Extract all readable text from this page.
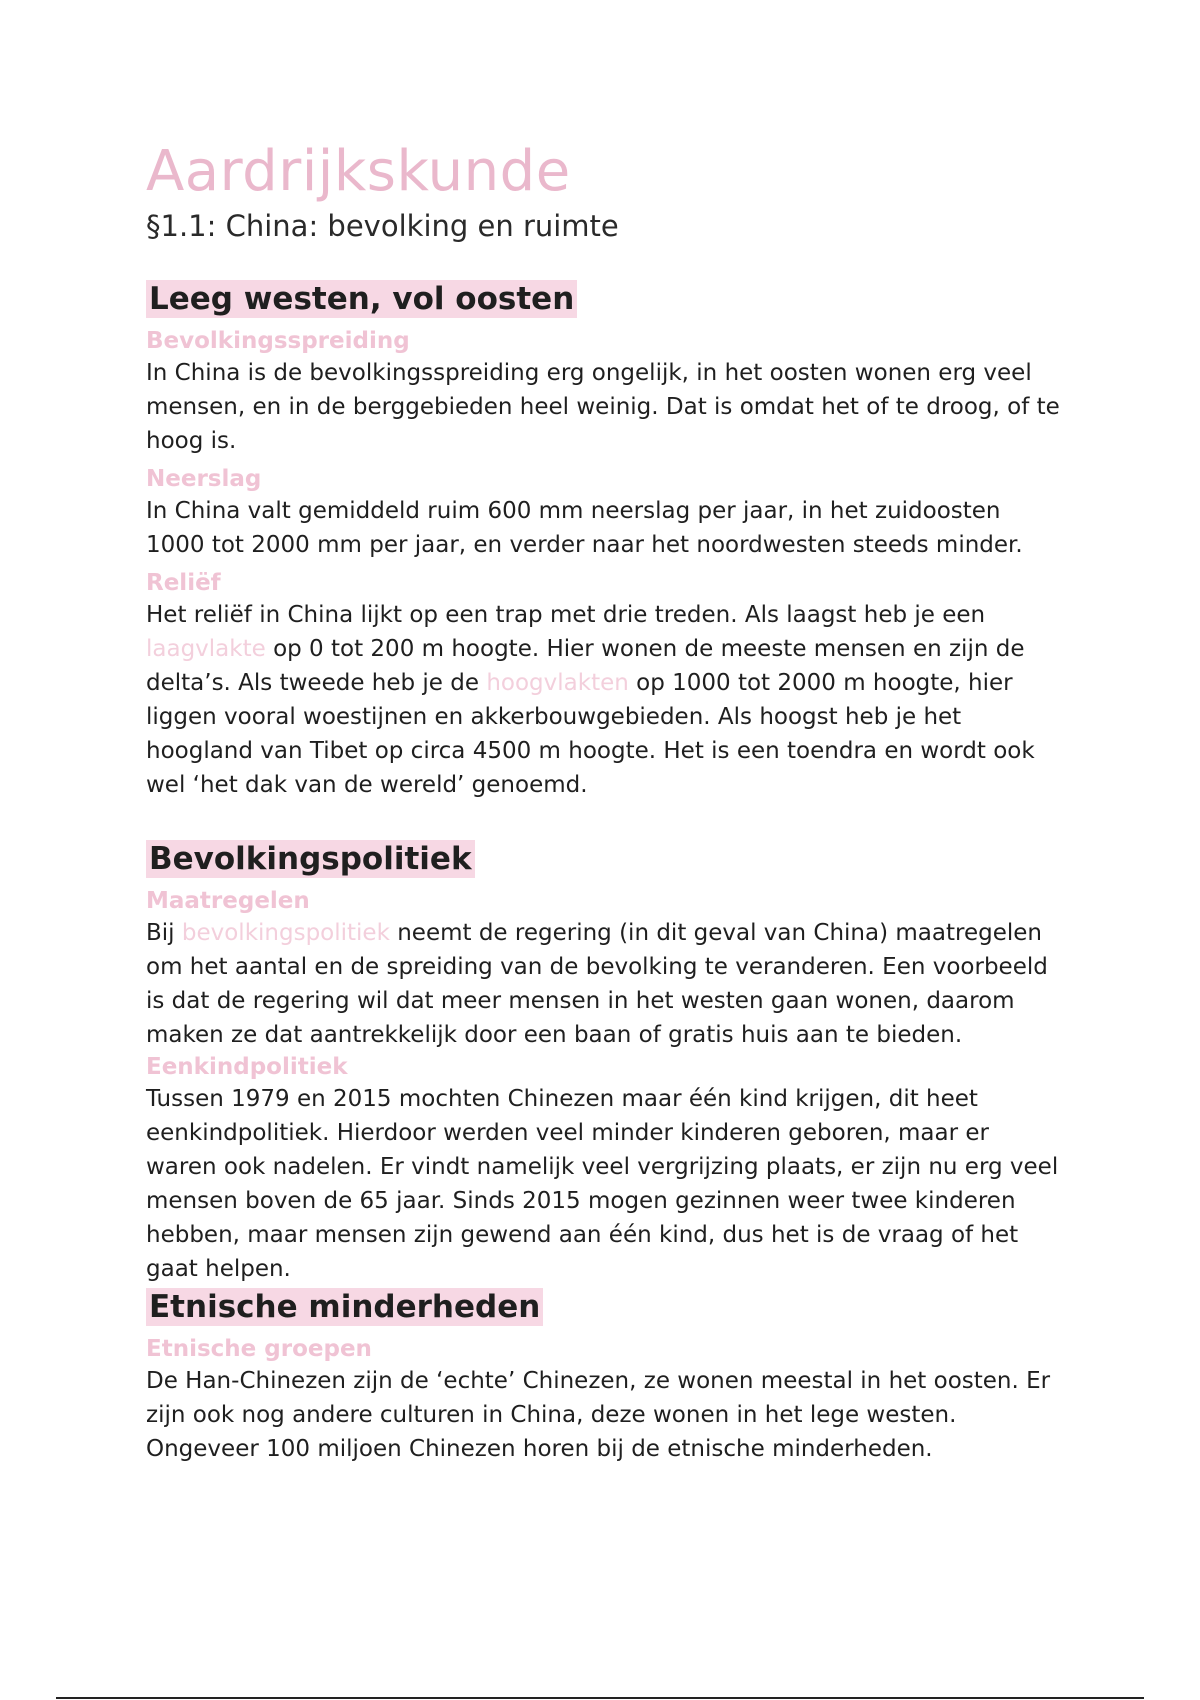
Aardrijkskunde
§1.1: China: bevolking en ruimte
Leeg westen, vol oosten
Bevolkingsspreiding

In China is de bevolkingsspreiding erg ongelijk, in het oosten wonen erg veel mensen, en in de berggebieden heel weinig. Dat is omdat het of te droog, of te hoog is.

Neerslag

In China valt gemiddeld ruim 600 mm neerslag per jaar, in het zuidoosten 1000 tot 2000 mm per jaar, en verder naar het noordwesten steeds minder.

Reliëf

Het reliëf in China lijkt op een trap met drie treden. Als laagst heb je een laagvlakte op 0 tot 200 m hoogte. Hier wonen de meeste mensen en zijn de delta’s. Als tweede heb je de hoogvlakten op 1000 tot 2000 m hoogte, hier liggen vooral woestijnen en akkerbouwgebieden. Als hoogst heb je het hoogland van Tibet op circa 4500 m hoogte. Het is een toendra en wordt ook wel ‘het dak van de wereld’ genoemd.

Bevolkingspolitiek
Maatregelen

Bij bevolkingspolitiek neemt de regering (in dit geval van China) maatregelen om het aantal en de spreiding van de bevolking te veranderen. Een voorbeeld is dat de regering wil dat meer mensen in het westen gaan wonen, daarom maken ze dat aantrekkelijk door een baan of gratis huis aan te bieden.

Eenkindpolitiek

Tussen 1979 en 2015 mochten Chinezen maar één kind krijgen, dit heet eenkindpolitiek. Hierdoor werden veel minder kinderen geboren, maar er waren ook nadelen. Er vindt namelijk veel vergrijzing plaats, er zijn nu erg veel mensen boven de 65 jaar. Sinds 2015 mogen gezinnen weer twee kinderen hebben, maar mensen zijn gewend aan één kind, dus het is de vraag of het gaat helpen.

Etnische minderheden
Etnische groepen

De Han-Chinezen zijn de ‘echte’ Chinezen, ze wonen meestal in het oosten. Er zijn ook nog andere culturen in China, deze wonen in het lege westen. Ongeveer 100 miljoen Chinezen horen bij de etnische minderheden.
